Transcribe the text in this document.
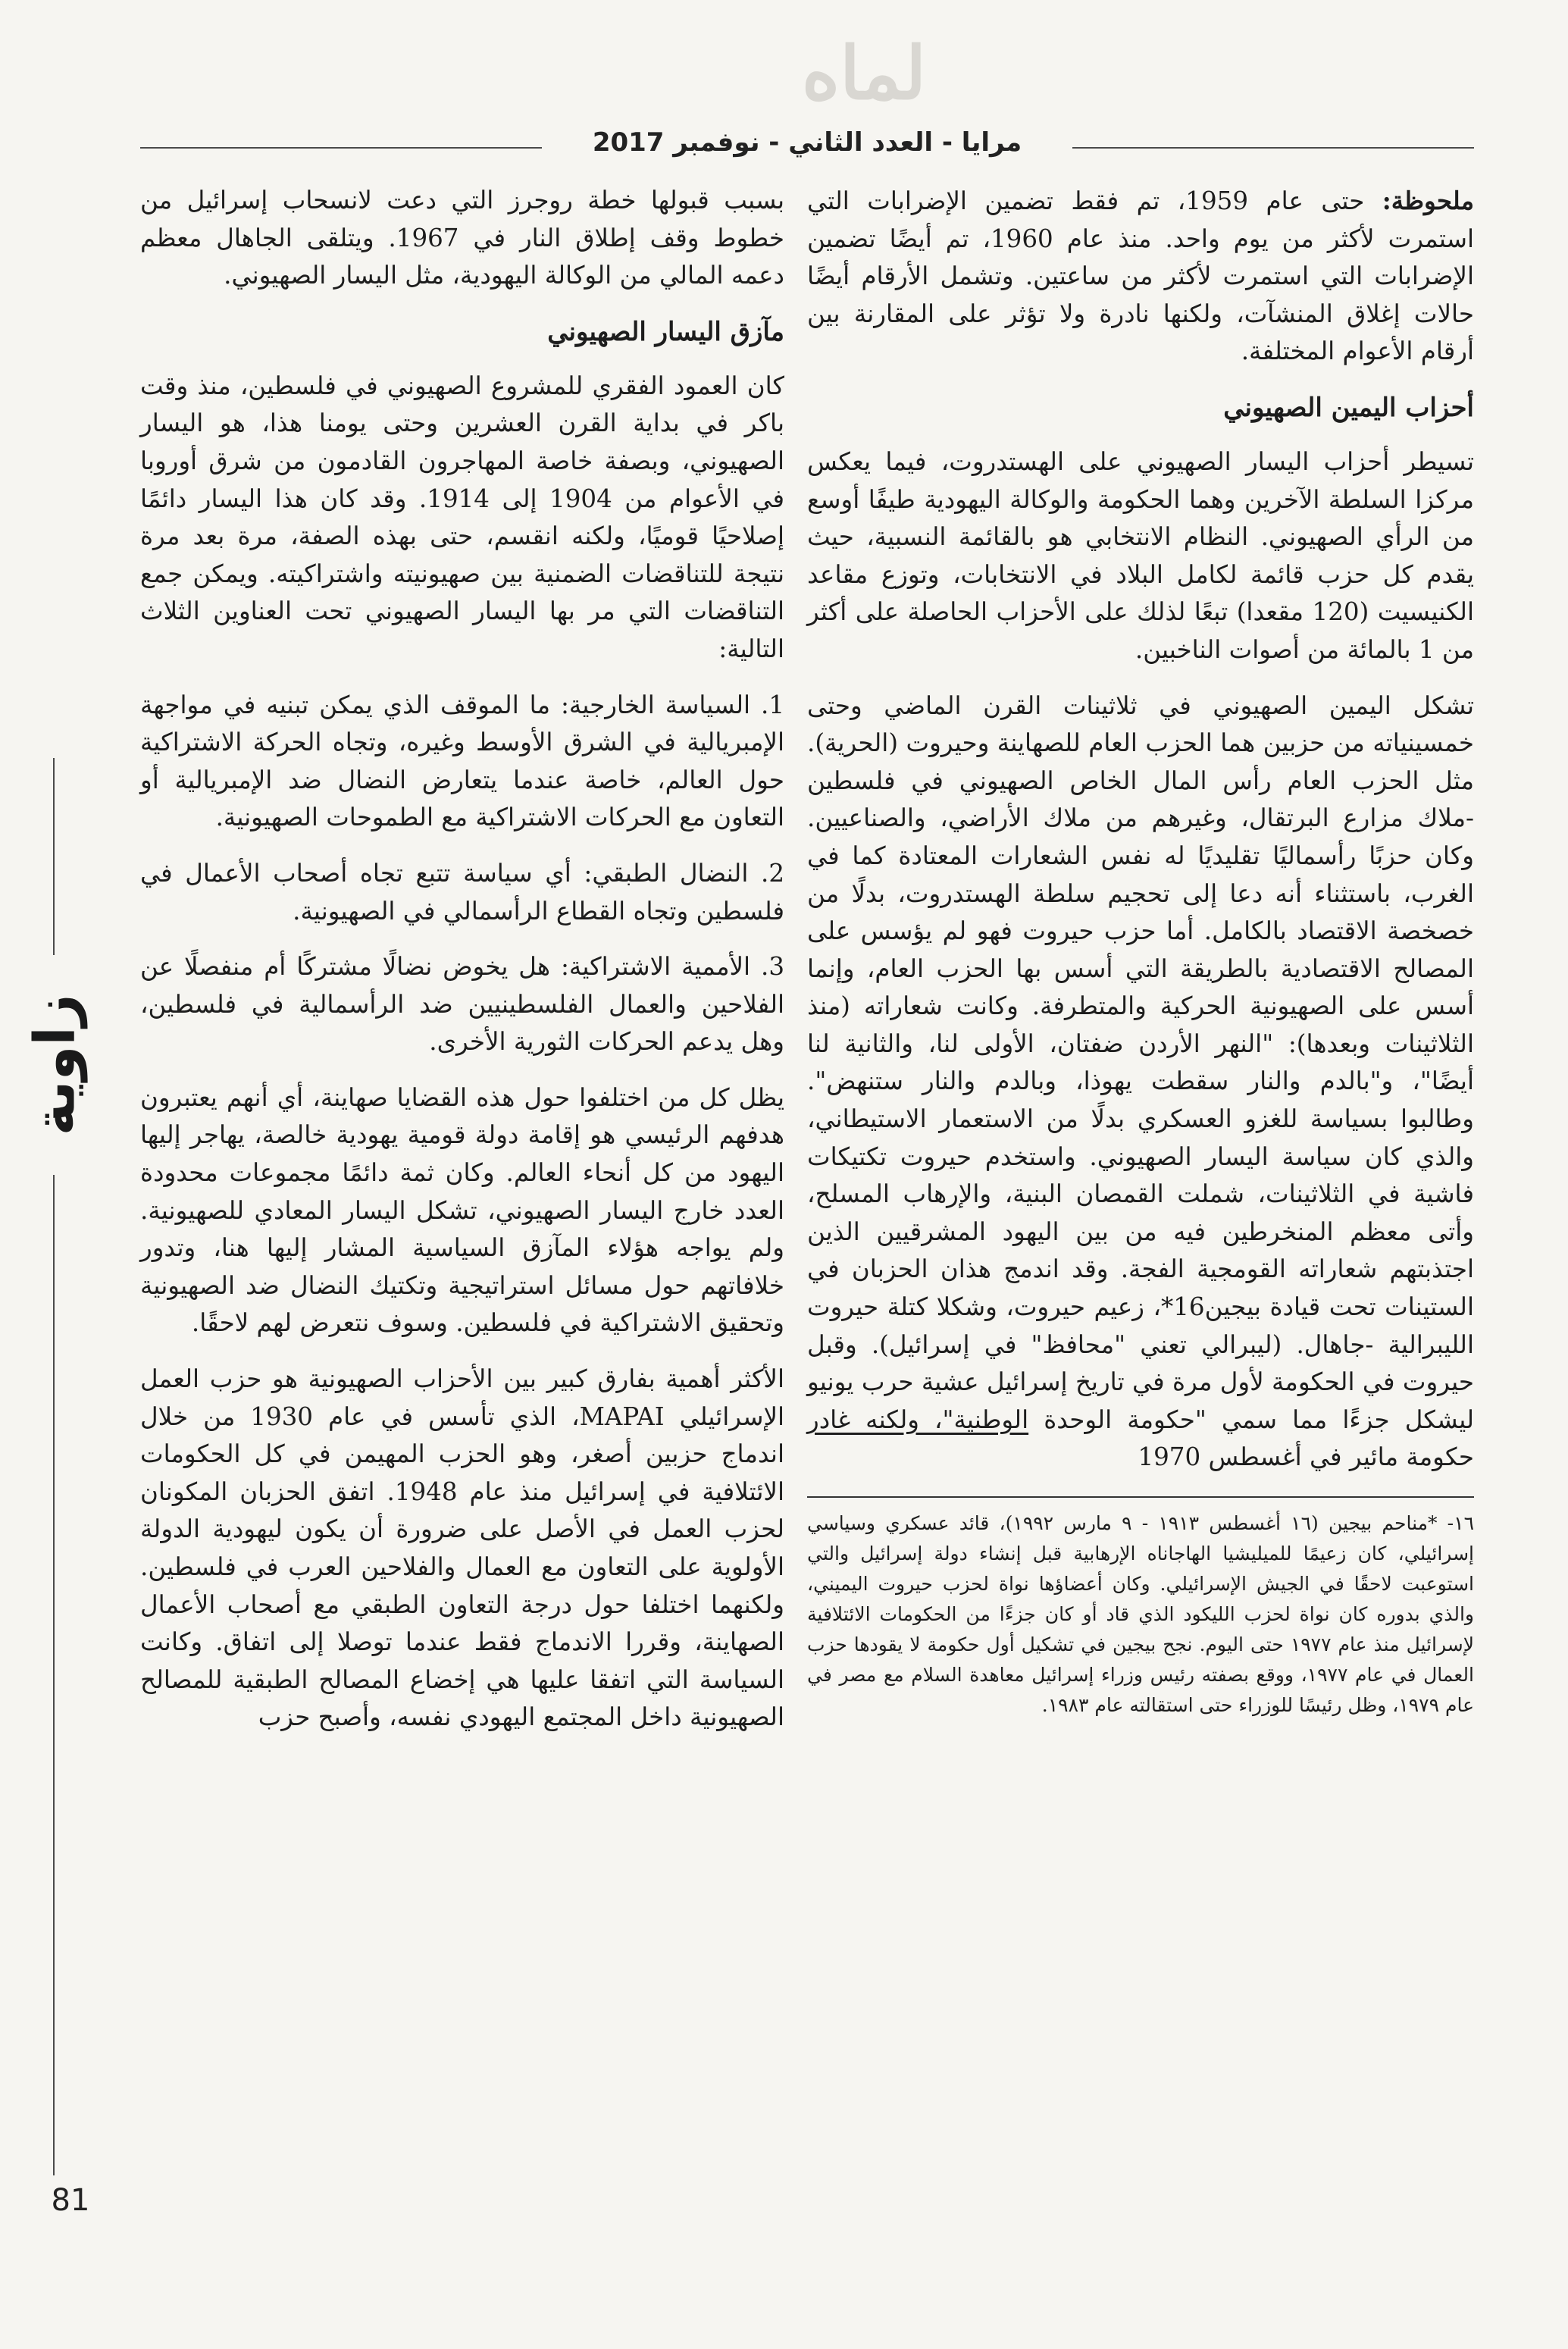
لماه
مرايا - العدد الثاني - نوفمبر 2017

ملحوظة: حتى عام 1959، تم فقط تضمين الإضرابات التي استمرت لأكثر من يوم واحد. منذ عام 1960، تم أيضًا تضمين الإضرابات التي استمرت لأكثر من ساعتين. وتشمل الأرقام أيضًا حالات إغلاق المنشآت، ولكنها نادرة ولا تؤثر على المقارنة بين أرقام الأعوام المختلفة.

أحزاب اليمين الصهيوني

تسيطر أحزاب اليسار الصهيوني على الهستدروت، فيما يعكس مركزا السلطة الآخرين وهما الحكومة والوكالة اليهودية طيفًا أوسع من الرأي الصهيوني. النظام الانتخابي هو بالقائمة النسبية، حيث يقدم كل حزب قائمة لكامل البلاد في الانتخابات، وتوزع مقاعد الكنيسيت (120 مقعدا) تبعًا لذلك على الأحزاب الحاصلة على أكثر من 1 بالمائة من أصوات الناخبين.

تشكل اليمين الصهيوني في ثلاثينات القرن الماضي وحتى خمسينياته من حزبين هما الحزب العام للصهاينة وحيروت (الحرية). مثل الحزب العام رأس المال الخاص الصهيوني في فلسطين -ملاك مزارع البرتقال، وغيرهم من ملاك الأراضي، والصناعيين. وكان حزبًا رأسماليًا تقليديًا له نفس الشعارات المعتادة كما في الغرب، باستثناء أنه دعا إلى تحجيم سلطة الهستدروت، بدلًا من خصخصة الاقتصاد بالكامل. أما حزب حيروت فهو لم يؤسس على المصالح الاقتصادية بالطريقة التي أسس بها الحزب العام، وإنما أسس على الصهيونية الحركية والمتطرفة. وكانت شعاراته (منذ الثلاثينات وبعدها): "النهر الأردن ضفتان، الأولى لنا، والثانية لنا أيضًا"، و"بالدم والنار سقطت يهوذا، وبالدم والنار ستنهض". وطالبوا بسياسة للغزو العسكري بدلًا من الاستعمار الاستيطاني، والذي كان سياسة اليسار الصهيوني. واستخدم حيروت تكتيكات فاشية في الثلاثينات، شملت القمصان البنية، والإرهاب المسلح، وأتى معظم المنخرطين فيه من بين اليهود المشرقيين الذين اجتذبتهم شعاراته القومجية الفجة. وقد اندمج هذان الحزبان في الستينات تحت قيادة بيجين16*، زعيم حيروت، وشكلا كتلة حيروت الليبرالية -جاهال. (ليبرالي تعني "محافظ" في إسرائيل). وقبل حيروت في الحكومة لأول مرة في تاريخ إسرائيل عشية حرب يونيو ليشكل جزءًا مما سمي "حكومة الوحدة الوطنية"، ولكنه غادر حكومة مائير في أغسطس 1970

١٦- *مناحم بيجين (١٦ أغسطس ١٩١٣ - ٩ مارس ١٩٩٢)، قائد عسكري وسياسي إسرائيلي، كان زعيمًا للميليشيا الهاجاناه الإرهابية قبل إنشاء دولة إسرائيل والتي استوعبت لاحقًا في الجيش الإسرائيلي. وكان أعضاؤها نواة لحزب حيروت اليميني، والذي بدوره كان نواة لحزب الليكود الذي قاد أو كان جزءًا من الحكومات الائتلافية لإسرائيل منذ عام ١٩٧٧ حتى اليوم. نجح بيجين في تشكيل أول حكومة لا يقودها حزب العمال في عام ١٩٧٧، ووقع بصفته رئيس وزراء إسرائيل معاهدة السلام مع مصر في عام ١٩٧٩، وظل رئيسًا للوزراء حتى استقالته عام ١٩٨٣.

بسبب قبولها خطة روجرز التي دعت لانسحاب إسرائيل من خطوط وقف إطلاق النار في 1967. ويتلقى الجاهال معظم دعمه المالي من الوكالة اليهودية، مثل اليسار الصهيوني.

مآزق اليسار الصهيوني

كان العمود الفقري للمشروع الصهيوني في فلسطين، منذ وقت باكر في بداية القرن العشرين وحتى يومنا هذا، هو اليسار الصهيوني، وبصفة خاصة المهاجرون القادمون من شرق أوروبا في الأعوام من 1904 إلى 1914. وقد كان هذا اليسار دائمًا إصلاحيًا قوميًا، ولكنه انقسم، حتى بهذه الصفة، مرة بعد مرة نتيجة للتناقضات الضمنية بين صهيونيته واشتراكيته. ويمكن جمع التناقضات التي مر بها اليسار الصهيوني تحت العناوين الثلاث التالية:

1. السياسة الخارجية: ما الموقف الذي يمكن تبنيه في مواجهة الإمبريالية في الشرق الأوسط وغيره، وتجاه الحركة الاشتراكية حول العالم، خاصة عندما يتعارض النضال ضد الإمبريالية أو التعاون مع الحركات الاشتراكية مع الطموحات الصهيونية.
2. النضال الطبقي: أي سياسة تتبع تجاه أصحاب الأعمال في فلسطين وتجاه القطاع الرأسمالي في الصهيونية.
3. الأممية الاشتراكية: هل يخوض نضالًا مشتركًا أم منفصلًا عن الفلاحين والعمال الفلسطينيين ضد الرأسمالية في فلسطين، وهل يدعم الحركات الثورية الأخرى.

يظل كل من اختلفوا حول هذه القضايا صهاينة، أي أنهم يعتبرون هدفهم الرئيسي هو إقامة دولة قومية يهودية خالصة، يهاجر إليها اليهود من كل أنحاء العالم. وكان ثمة دائمًا مجموعات محدودة العدد خارج اليسار الصهيوني، تشكل اليسار المعادي للصهيونية. ولم يواجه هؤلاء المآزق السياسية المشار إليها هنا، وتدور خلافاتهم حول مسائل استراتيجية وتكتيك النضال ضد الصهيونية وتحقيق الاشتراكية في فلسطين. وسوف نتعرض لهم لاحقًا.

الأكثر أهمية بفارق كبير بين الأحزاب الصهيونية هو حزب العمل الإسرائيلي MAPAI، الذي تأسس في عام 1930 من خلال اندماج حزبين أصغر، وهو الحزب المهيمن في كل الحكومات الائتلافية في إسرائيل منذ عام 1948. اتفق الحزبان المكونان لحزب العمل في الأصل على ضرورة أن يكون ليهودية الدولة الأولوية على التعاون مع العمال والفلاحين العرب في فلسطين. ولكنهما اختلفا حول درجة التعاون الطبقي مع أصحاب الأعمال الصهاينة، وقررا الاندماج فقط عندما توصلا إلى اتفاق. وكانت السياسة التي اتفقا عليها هي إخضاع المصالح الطبقية للمصالح الصهيونية داخل المجتمع اليهودي نفسه، وأصبح حزب

زاوية
81
